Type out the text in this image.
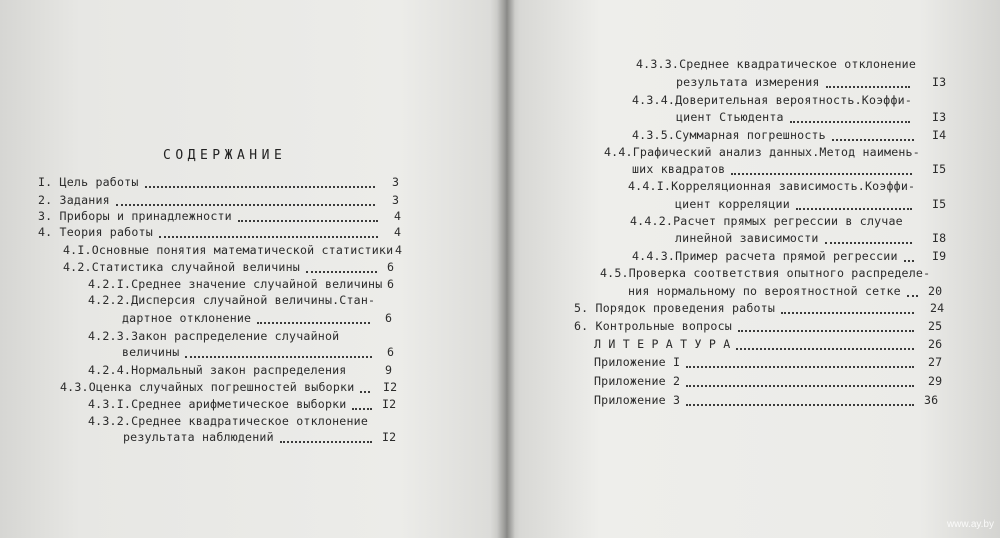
СОДЕРЖАНИЕ
I. Цель работы	3
2. Задания	3
3. Приборы и принадлежности	4
4. Теория работы	4
4.I.Основные понятия математической статистики 4
4.2.Статистика случайной величины	6
4.2.I.Среднее значение случайной величины 6
4.2.2.Дисперсия случайной величины.Стан-
дартное отклонение	6
4.2.3.Закон распределение случайной
величины	6
4.2.4.Нормальный закон распределения	9
4.3.Оценка случайных погрешностей выборки I2
4.3.I.Среднее арифметическое выборки	I2
4.3.2.Среднее квадратическое отклонение
результата наблюдений	I2
4.3.3.Среднее квадратическое отклонение
результата измерения	I3
4.3.4.Доверительная вероятность.Коэффи-
циент Стьюдента	I3
4.3.5.Суммарная погрешность	I4
4.4.Графический анализ данных.Метод наимень-
ших квадратов	I5
4.4.I.Корреляционная зависимость.Коэффи-
циент корреляции	I5
4.4.2.Расчет прямых регрессии в случае
линейной зависимости	I8
4.4.3.Пример расчета прямой регрессии	I9
4.5.Проверка соответствия опытного распределе-
ния нормальному по вероятностной сетке 20
5. Порядок проведения работы	24
6. Контрольные вопросы	25
Л И Т Е Р А Т У Р А	26
Приложение I	27
Приложение 2	29
Приложение 3	36
www.ay.by
